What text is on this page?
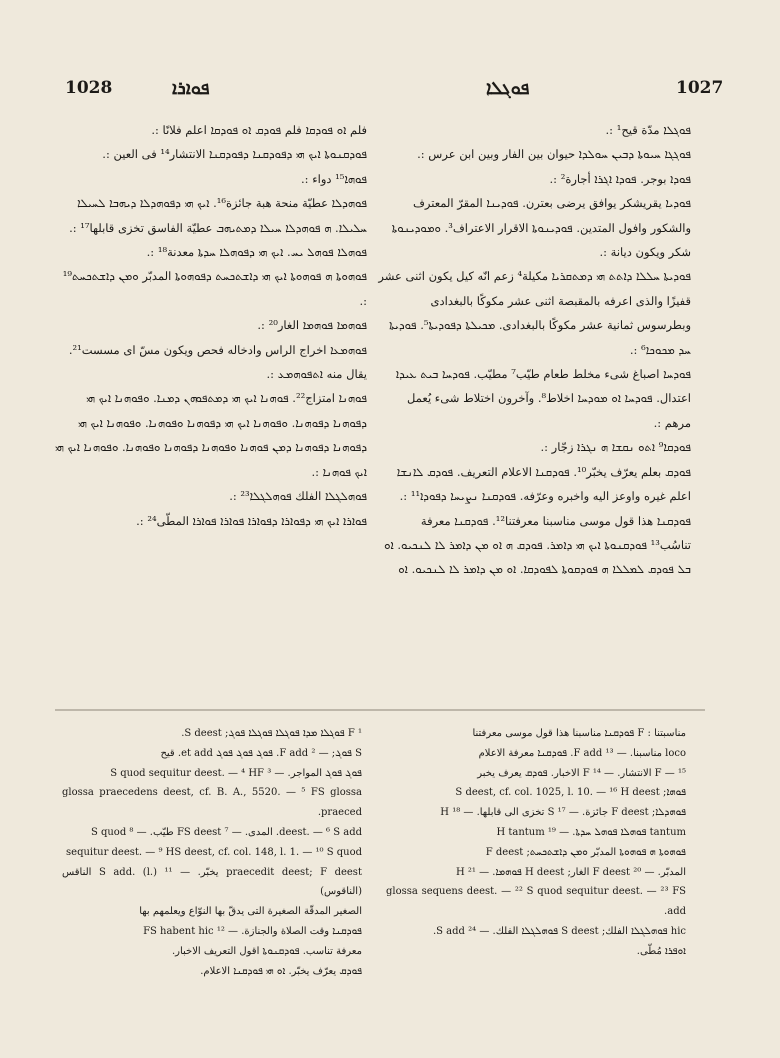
1028	ܦܘܐܪܐ	ܦܘܓܠܐ	1027

ܦܘܓܠܐ مدّة قيح¹ :.

ܦܘܓܓܐ ܚܝܘܬܐ ܕܒܝܢ ܚܘܠܕܐ حيوان بين الفار وبين ابن عرس :.

ܦܘܕܐ بوجر. ܦܘܕܐ ܐܓܪܐ أجارة² :.

ܦܘܕܝܐ يقريشكر يوافق يرضى بعترن. ܦܘܕܝܢܐ المقرّ المعترف والشكور وافول المتدين. ܦܘܕܝܢܘܬܐ الاقرار الاعتراف³. ܘܡܘܕܝܢܘܬܐ شكر ويكون ديانة :.

ܦܘܕܝܬܐ ܚܠܠܐ ܕܐܬܬ ܗܝ ܕܡܬܩܪܝܐ مكيلة⁴ زعم انّه كيل يكون اثنى عشر قفيزًا والذى اعرفه بالمقبصة اثنى عشر مكوكًا بالبغدادى وبطرسوس ثمانية عشر مكوكًا بالبغدادى. ܡܟܝܠܬܐ ܕܦܘܕܝܬܐ⁵. ܦܘܕܝܬܐ ܚܕ ܡܟܘܟܐ⁶ :.

ܦܘܕܚܐ اصباغ شىء مخلط طعام طيّب⁷ مطيّب. ܦܘܕܚܐ ܒܝܬ ܥܝܕܐ اعتدال. ܦܘܕܚܐ ܐܘ ܡܘܕܚܐ اخلاط⁸. وآخرون اختلاط شىء يُعمل مرهم :.

ܦܘܕܩܐ⁹ ܐܬܘ ܢܩܫܐ ܗ ܢܓܪܐ زجّار :.

ܦܘܕܩ بعلم يعرّف يخبّر¹⁰. ܦܘܕܩܢܐ الاعلام التعريف. ܦܘܕܩ ܠܐܢܫܐ اعلم غيره واوعز اليه واخبره وعرّفه. ܦܘܕܩܢܐ ܢܨܝܚܐ ܕܦܘܕܐ¹¹ :.

ܦܘܕܩܢܐ هذا قول موسى مناسبنا معرفتنا¹². ܦܘܕܩܢܐ معرفة تناسُب¹³ ܦܘܕܩܢܘܬܐ ܐܝܟ ܗܝ ܕܐܡܪ. ܦܘܕܩ ܗ ܐܘ ܡܢ ܕܐܡܪ ܠܐ ܠܢܟܝܘ. ܐܘ ܒܠ ܦܘܕܩ ܠܡܠܠܐ ܗ ܦܘܕܩܘܬܐ ܠܦܘܕܩܐ. ܐܘ ܡܢ ܕܐܡܪ ܠܐ ܠܢܟܝܘ. ܐܘ

فلم ܐܘ ܦܘܕܩܐ فلم ܦܘܕܩ ܐܘ ܦܘܕܩܐ اعلم فلانًا :.

ܦܘܕܩܢܘܬܐ ܐܝܟ ܗܝ ܕܦܘܕܩܢܐ ܕܦܘܕܩܢܐ الانتشار¹⁴ فى العين :.

ܦܘܗܐ¹⁵ دواء :.

ܦܘܗܕܠܐ عطيّة منحة هبة جائزة¹⁶. ܐܝܟ ܗܝ ܕܦܘܗܕܠܐ ܕܝܗܒܐ ܠܚܝܠܐ ܚܠܝܠܐ. ܗ ܦܘܗܕܠܐ ܚܝܠܐ ܕܡܬܝܗܒ عطيّة الفاسق تخزى قابلها¹⁷ :.

ܦܘܗܠܐ ܦܘܗܠ ܝܚ. ܐܝܟ ܗܝ ܕܦܘܗܠܐ ܚܕܬܐ معدنة¹⁸ :.

ܦܘܗܘܬܐ ܗ ܦܘܗܘܬܐ ܐܝܟ ܗܝ ܕܐܫܬܟܚܬ ܕܦܘܗܘܬܐ المدبّر ܘܡܢ ܕܐܫܬܟܚܬ¹⁹ :.

ܦܘܗܡܐ ܦܘܗܡܐ الغار²⁰ :.

ܦܘܗܡܥܐ اخراج الراس وادخاله فحص ويكون مسّ اى مسست²¹. يقال منه ܐܬܦܘܗܡܥ :.

ܦܘܗܢܐ امتزاج²². ܦܘܗܢܐ ܐܝܟ ܗܝ ܕܡܬܦܘܗܢ ܕܡܢܐ. ܘܦܘܗܢܐ ܐܝܟ ܗܝ ܕܦܘܗܢܐ ܕܦܘܗܢܐ. ܘܦܘܗܢܐ ܐܝܟ ܗܝ ܕܦܘܗܢܐ ܘܦܘܗܢܐ. ܘܦܘܗܢܐ ܐܝܟ ܗܝ ܕܦܘܗܢܐ ܕܦܘܗܢܐ ܕܡܢ ܦܘܗܢܐ ܘܦܘܗܢܐ ܕܦܘܗܢܐ ܘܦܘܗܢܐ. ܘܦܘܗܢܐ ܐܝܟ ܗܝ ܐܝܟ ܦܘܗܢܐ :.

ܦܘܗܠܓܠܐ الفلك ܦܘܗܠܓܠܐ²³ :.

ܦܘܐܪܐ ܐܝܟ ܗܝ ܕܦܘܐܪܐ ܕܦܘܐܪܐ ܦܘܐܪܐ ܦܘܐܪܐ المطّى²⁴ :.

¹ F ܦܘܓܠܐ ܡܕܐ ܦܘܓܠܐ ܦܘܓܠܐ ܦܘܓ; S deest.

S ܦܘܓ; — ² F add. ܦܘܓ ܦܘܓ ܦܘܓ et add. قيح

ܦܘܓ ܦܘܓ المواجر. — ³ S quod sequitur deest. — ⁴ HF

glossa praecedens deest, cf. B. A., 5520. — ⁵ FS glossa praeced.

deest. — ⁶ S add. المدى. — ⁷ FS deest طيّب. — ⁸ S quod

sequitur deest. — ⁹ HS deest, cf. col. 148, l. 1. — ¹⁰ S quod

praecedit deest; F deest يخبّر. — ¹¹ S add. (l.) الناقس (الناقوس)

الصغير المدقّة الصغيرة التى يدقّ بها النوّاع ويعلمهم بها

ܦܘܕܩܢܐ وقت الصلاة والجنازة. — ¹² FS habent hic

معرفة تناسب. ܦܘܕܩܢܘܬܐ اقول التعريف الاخبار.

ܦܘܕܩ يعرّف يخبّر. ܐܘ ܗܝ ܦܘܕܩܢܐ الاعلام.

مناسبتنا : F ܦܘܕܩܢܐ مناسبنا هذا قول موسى معرفتنا

loco مناسبنا. — ¹³ F add. ܦܘܕܩܢܐ معرفة الاعلام

F — ¹⁵ الانتشار. — ¹⁴ F الاخبار. ܦܘܕܩ يعرف يخبر

ܦܘܗܐ; S deest, cf. col. 1025, l. 10. — ¹⁶ H deest

ܦܘܗܕܠܐ; F deest جائزة. — ¹⁷ S تخزى الى قابلها. — ¹⁸ H

tantum ܦܘܗܠܐ ܦܘܗܠ ܚܕܬܐ. — ¹⁹ H tantum

ܦܘܗܘܬܐ ܗ ܦܘܗܘܬܐ المدبّر ܘܡܢ ܕܐܫܬܟܚܬ; F deest

المدبّر. — ²⁰ F deest الغار; H deest ܦܘܗܡܐ. — ²¹ H

glossa sequens deest. — ²² S quod sequitur deest. — ²³ FS add.

hic ܦܘܗܠܓܠܐ الفلك; S deest ܦܘܗܠܓܠܐ الفلك. — ²⁴ S add.

ܐܘܦܪܐ مُطّى.
